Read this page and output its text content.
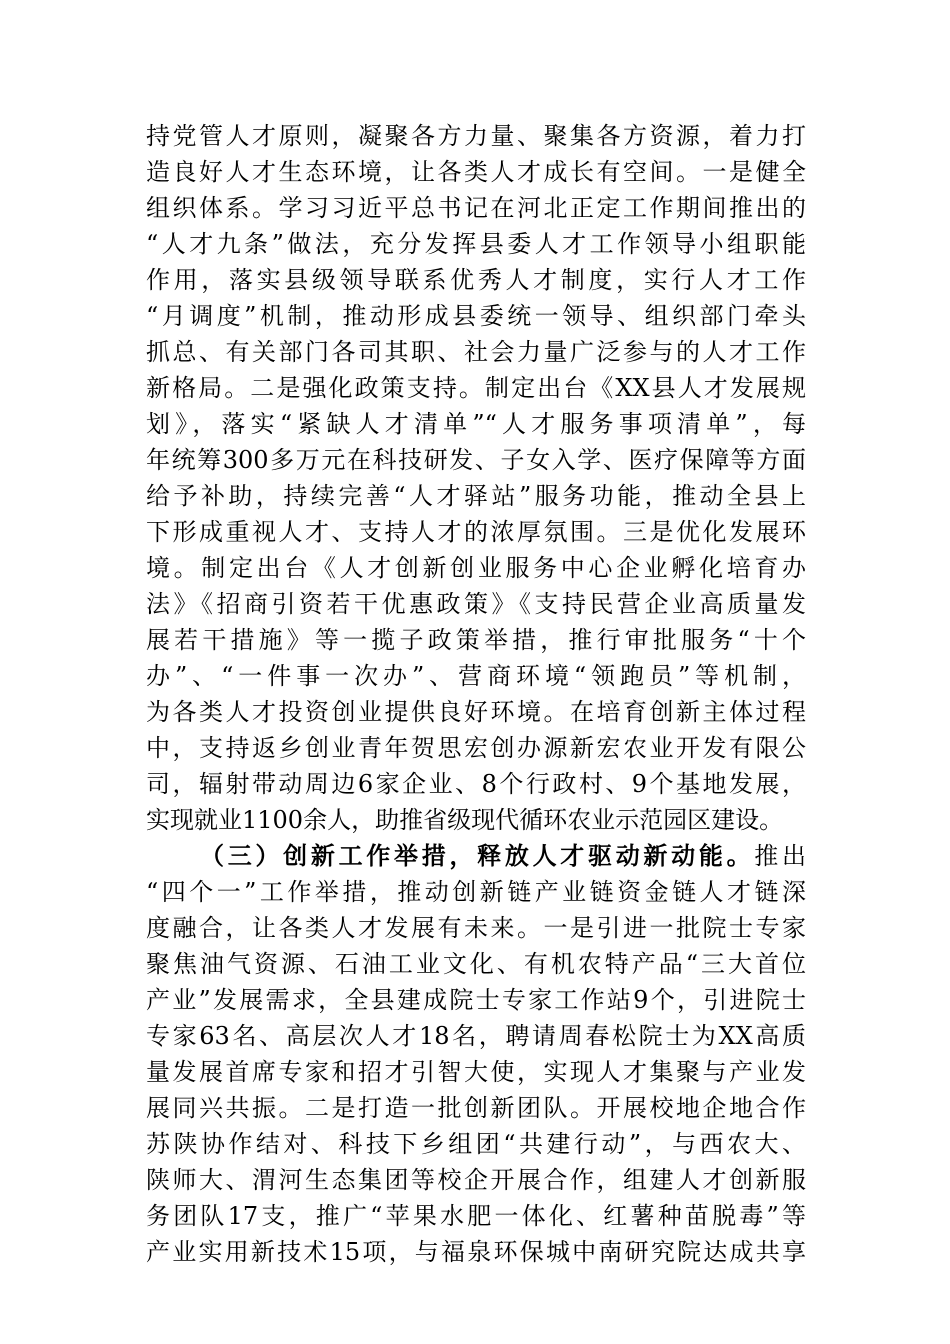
持党管人才原则，凝聚各方力量、聚集各方资源，着力打
造良好人才生态环境，让各类人才成长有空间。一是健全
组织体系。学习习近平总书记在河北正定工作期间推出的
“人才九条”做法，充分发挥县委人才工作领导小组职能
作用，落实县级领导联系优秀人才制度，实行人才工作
“月调度”机制，推动形成县委统一领导、组织部门牵头
抓总、有关部门各司其职、社会力量广泛参与的人才工作
新格局。二是强化政策支持。制定出台《XX县人才发展规
划》，落实“紧缺人才清单”“人才服务事项清单”，每
年统筹300多万元在科技研发、子女入学、医疗保障等方面
给予补助，持续完善“人才驿站”服务功能，推动全县上
下形成重视人才、支持人才的浓厚氛围。三是优化发展环
境。制定出台《人才创新创业服务中心企业孵化培育办
法》《招商引资若干优惠政策》《支持民营企业高质量发
展若干措施》等一揽子政策举措，推行审批服务“十个
办”、“一件事一次办”、营商环境“领跑员”等机制，
为各类人才投资创业提供良好环境。在培育创新主体过程
中，支持返乡创业青年贺思宏创办源新宏农业开发有限公
司，辐射带动周边6家企业、8个行政村、9个基地发展，
实现就业1100余人，助推省级现代循环农业示范园区建设。
（三）创新工作举措，释放人才驱动新动能。推出
“四个一”工作举措，推动创新链产业链资金链人才链深
度融合，让各类人才发展有未来。一是引进一批院士专家
聚焦油气资源、石油工业文化、有机农特产品“三大首位
产业”发展需求，全县建成院士专家工作站9个，引进院士
专家63名、高层次人才18名，聘请周春松院士为XX高质
量发展首席专家和招才引智大使，实现人才集聚与产业发
展同兴共振。二是打造一批创新团队。开展校地企地合作
苏陕协作结对、科技下乡组团“共建行动”，与西农大、
陕师大、渭河生态集团等校企开展合作，组建人才创新服
务团队17支，推广“苹果水肥一体化、红薯种苗脱毒”等
产业实用新技术15项，与福泉环保城中南研究院达成共享
